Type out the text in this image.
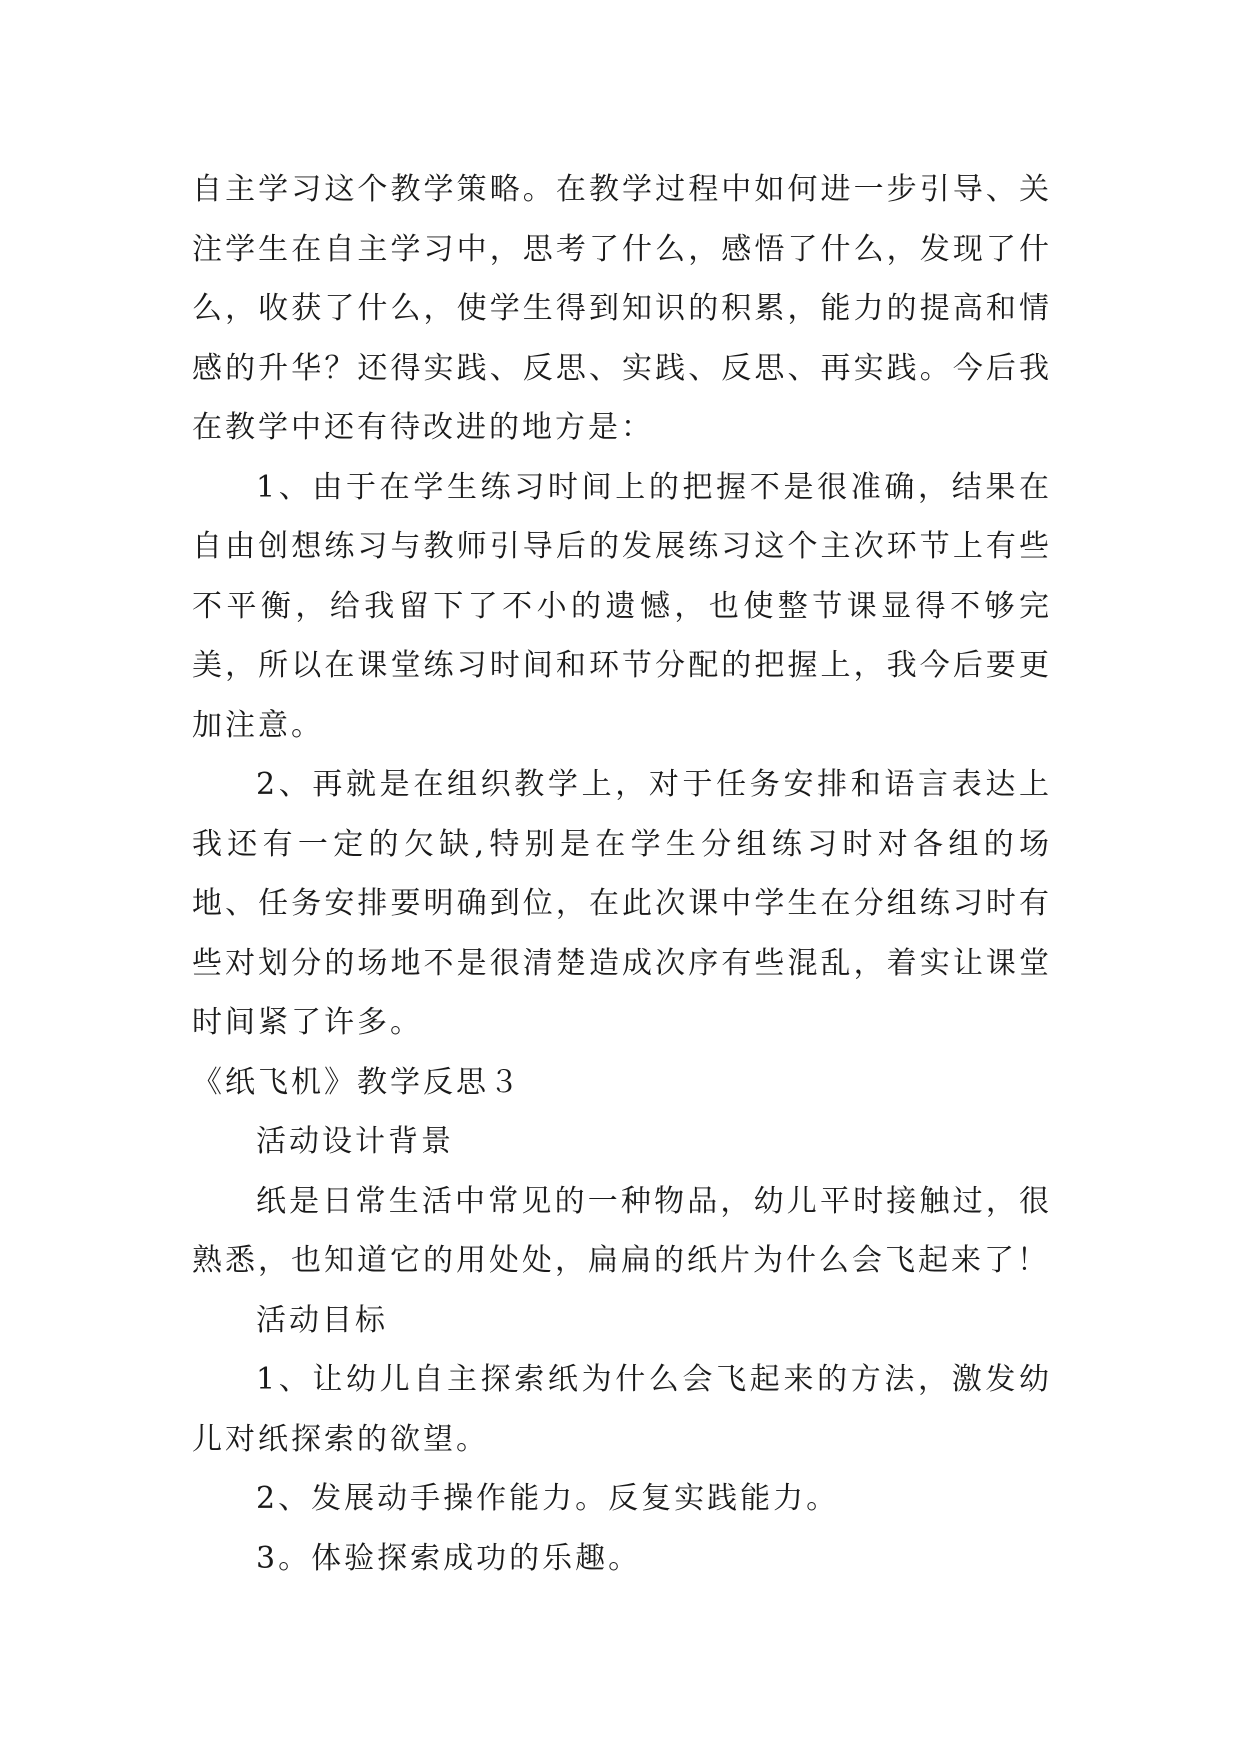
自主学习这个教学策略。在教学过程中如何进一步引导、关注学生在自主学习中，思考了什么，感悟了什么，发现了什么，收获了什么，使学生得到知识的积累，能力的提高和情感的升华？还得实践、反思、实践、反思、再实践。今后我在教学中还有待改进的地方是：

1、由于在学生练习时间上的把握不是很准确，结果在自由创想练习与教师引导后的发展练习这个主次环节上有些不平衡，给我留下了不小的遗憾，也使整节课显得不够完美，所以在课堂练习时间和环节分配的把握上，我今后要更加注意。

2、再就是在组织教学上，对于任务安排和语言表达上我还有一定的欠缺,特别是在学生分组练习时对各组的场地、任务安排要明确到位，在此次课中学生在分组练习时有些对划分的场地不是很清楚造成次序有些混乱，着实让课堂时间紧了许多。

《纸飞机》教学反思３

活动设计背景

纸是日常生活中常见的一种物品，幼儿平时接触过，很熟悉，也知道它的用处处，扁扁的纸片为什么会飞起来了！

活动目标

1、让幼儿自主探索纸为什么会飞起来的方法，激发幼儿对纸探索的欲望。

2、发展动手操作能力。反复实践能力。

3。体验探索成功的乐趣。
